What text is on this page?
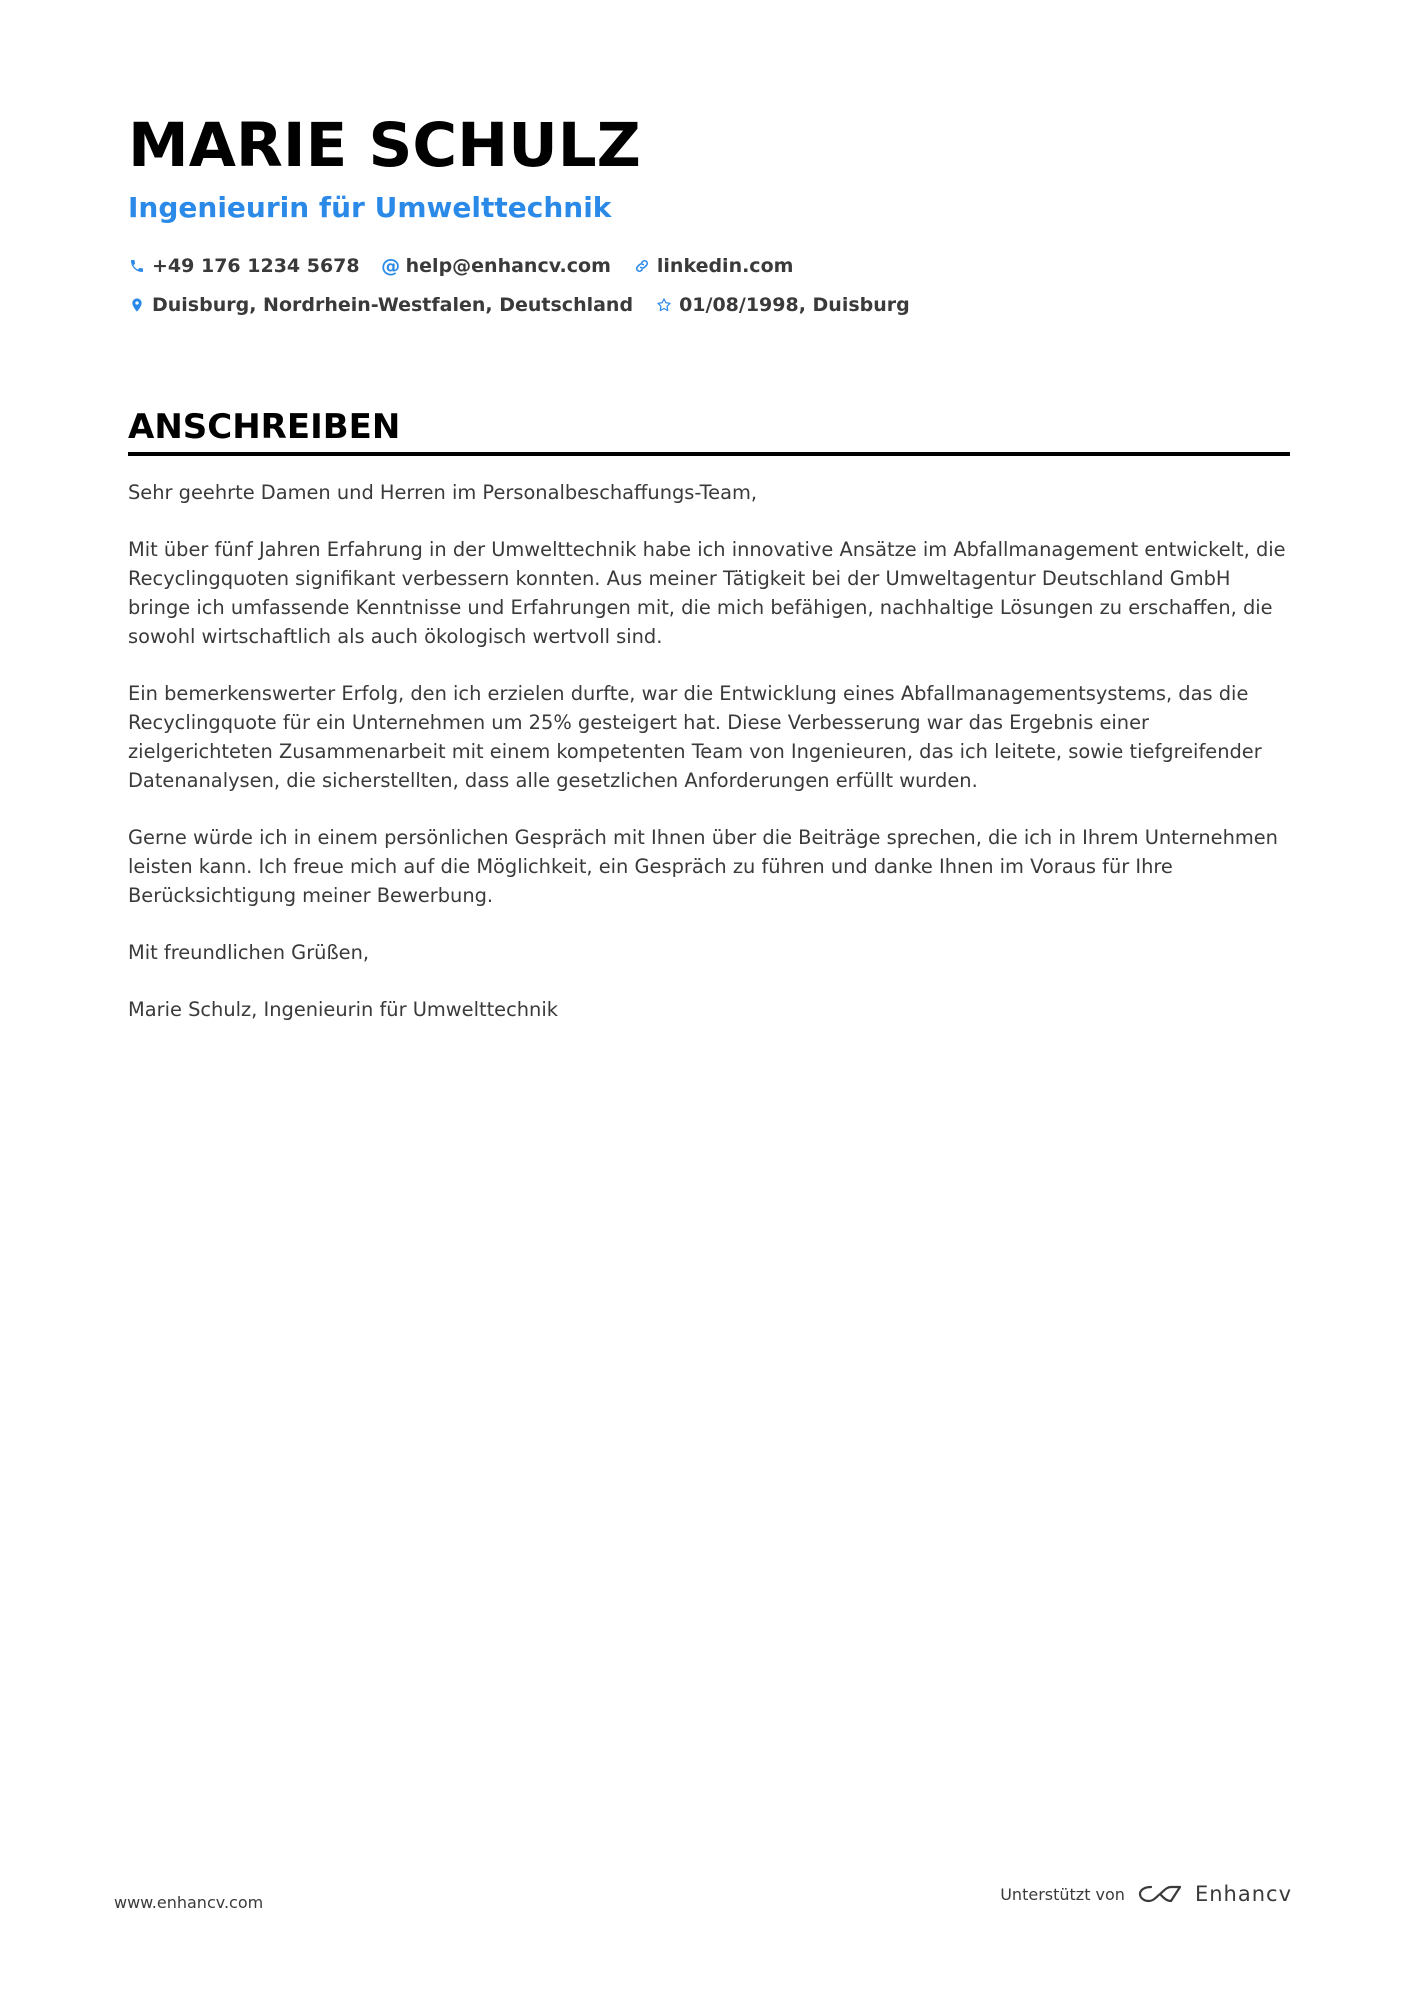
MARIE SCHULZ
Ingenieurin für Umwelttechnik
+49 176 1234 5678 @ help@enhancv.com linkedin.com
Duisburg, Nordrhein-Westfalen, Deutschland 01/08/1998, Duisburg
ANSCHREIBEN

Sehr geehrte Damen und Herren im Personalbeschaffungs-Team,

Mit über fünf Jahren Erfahrung in der Umwelttechnik habe ich innovative Ansätze im Abfallmanagement entwickelt, die Recyclingquoten signifikant verbessern konnten. Aus meiner Tätigkeit bei der Umweltagentur Deutschland GmbH bringe ich umfassende Kenntnisse und Erfahrungen mit, die mich befähigen, nachhaltige Lösungen zu erschaffen, die sowohl wirtschaftlich als auch ökologisch wertvoll sind.

Ein bemerkenswerter Erfolg, den ich erzielen durfte, war die Entwicklung eines Abfallmanagementsystems, das die Recyclingquote für ein Unternehmen um 25% gesteigert hat. Diese Verbesserung war das Ergebnis einer zielgerichteten Zusammenarbeit mit einem kompetenten Team von Ingenieuren, das ich leitete, sowie tiefgreifender Datenanalysen, die sicherstellten, dass alle gesetzlichen Anforderungen erfüllt wurden.

Gerne würde ich in einem persönlichen Gespräch mit Ihnen über die Beiträge sprechen, die ich in Ihrem Unternehmen leisten kann. Ich freue mich auf die Möglichkeit, ein Gespräch zu führen und danke Ihnen im Voraus für Ihre Berücksichtigung meiner Bewerbung.

Mit freundlichen Grüßen,

Marie Schulz, Ingenieurin für Umwelttechnik

www.enhancv.com	Unterstützt von	Enhancv
